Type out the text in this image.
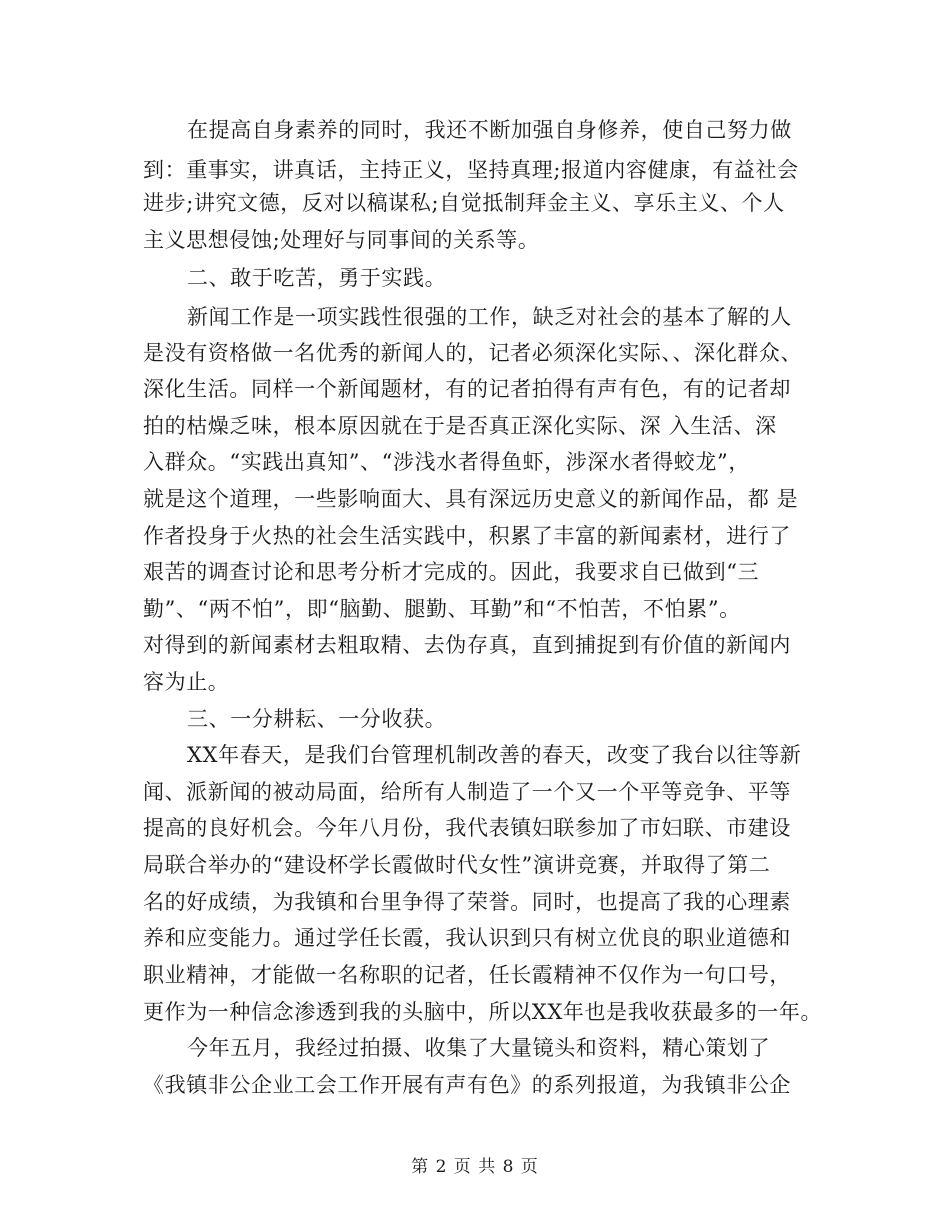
在提高自身素养的同时，我还不断加强自身修养，使自己努力做
到：重事实，讲真话，主持正义，坚持真理;报道内容健康，有益社会
进步;讲究文德，反对以稿谋私;自觉抵制拜金主义、享乐主义、个人
主义思想侵蚀;处理好与同事间的关系等。
二、敢于吃苦，勇于实践。
新闻工作是一项实践性很强的工作，缺乏对社会的基本了解的人
是没有资格做一名优秀的新闻人的，记者必须深化实际、、深化群众、
深化生活。同样一个新闻题材，有的记者拍得有声有色，有的记者却
拍的枯燥乏味，根本原因就在于是否真正深化实际、深 入生活、深
入群众。“实践出真知”、“涉浅水者得鱼虾，涉深水者得蛟龙”，
就是这个道理，一些影响面大、具有深远历史意义的新闻作品，都 是
作者投身于火热的社会生活实践中，积累了丰富的新闻素材，进行了
艰苦的调查讨论和思考分析才完成的。因此，我要求自已做到“三
勤”、“两不怕”，即“脑勤、腿勤、耳勤”和“不怕苦，不怕累”。
对得到的新闻素材去粗取精、去伪存真，直到捕捉到有价值的新闻内
容为止。
三、一分耕耘、一分收获。
XX年春天，是我们台管理机制改善的春天，改变了我台以往等新
闻、派新闻的被动局面，给所有人制造了一个又一个平等竞争、平等
提高的良好机会。今年八月份，我代表镇妇联参加了市妇联、市建设
局联合举办的“建设杯学长霞做时代女性”演讲竞赛，并取得了第二
名的好成绩，为我镇和台里争得了荣誉。同时，也提高了我的心理素
养和应变能力。通过学任长霞，我认识到只有树立优良的职业道德和
职业精神，才能做一名称职的记者，任长霞精神不仅作为一句口号，
更作为一种信念渗透到我的头脑中，所以XX年也是我收获最多的一年。
今年五月，我经过拍摄、收集了大量镜头和资料，精心策划了
《我镇非公企业工会工作开展有声有色》的系列报道，为我镇非公企
第 2 页 共 8 页
